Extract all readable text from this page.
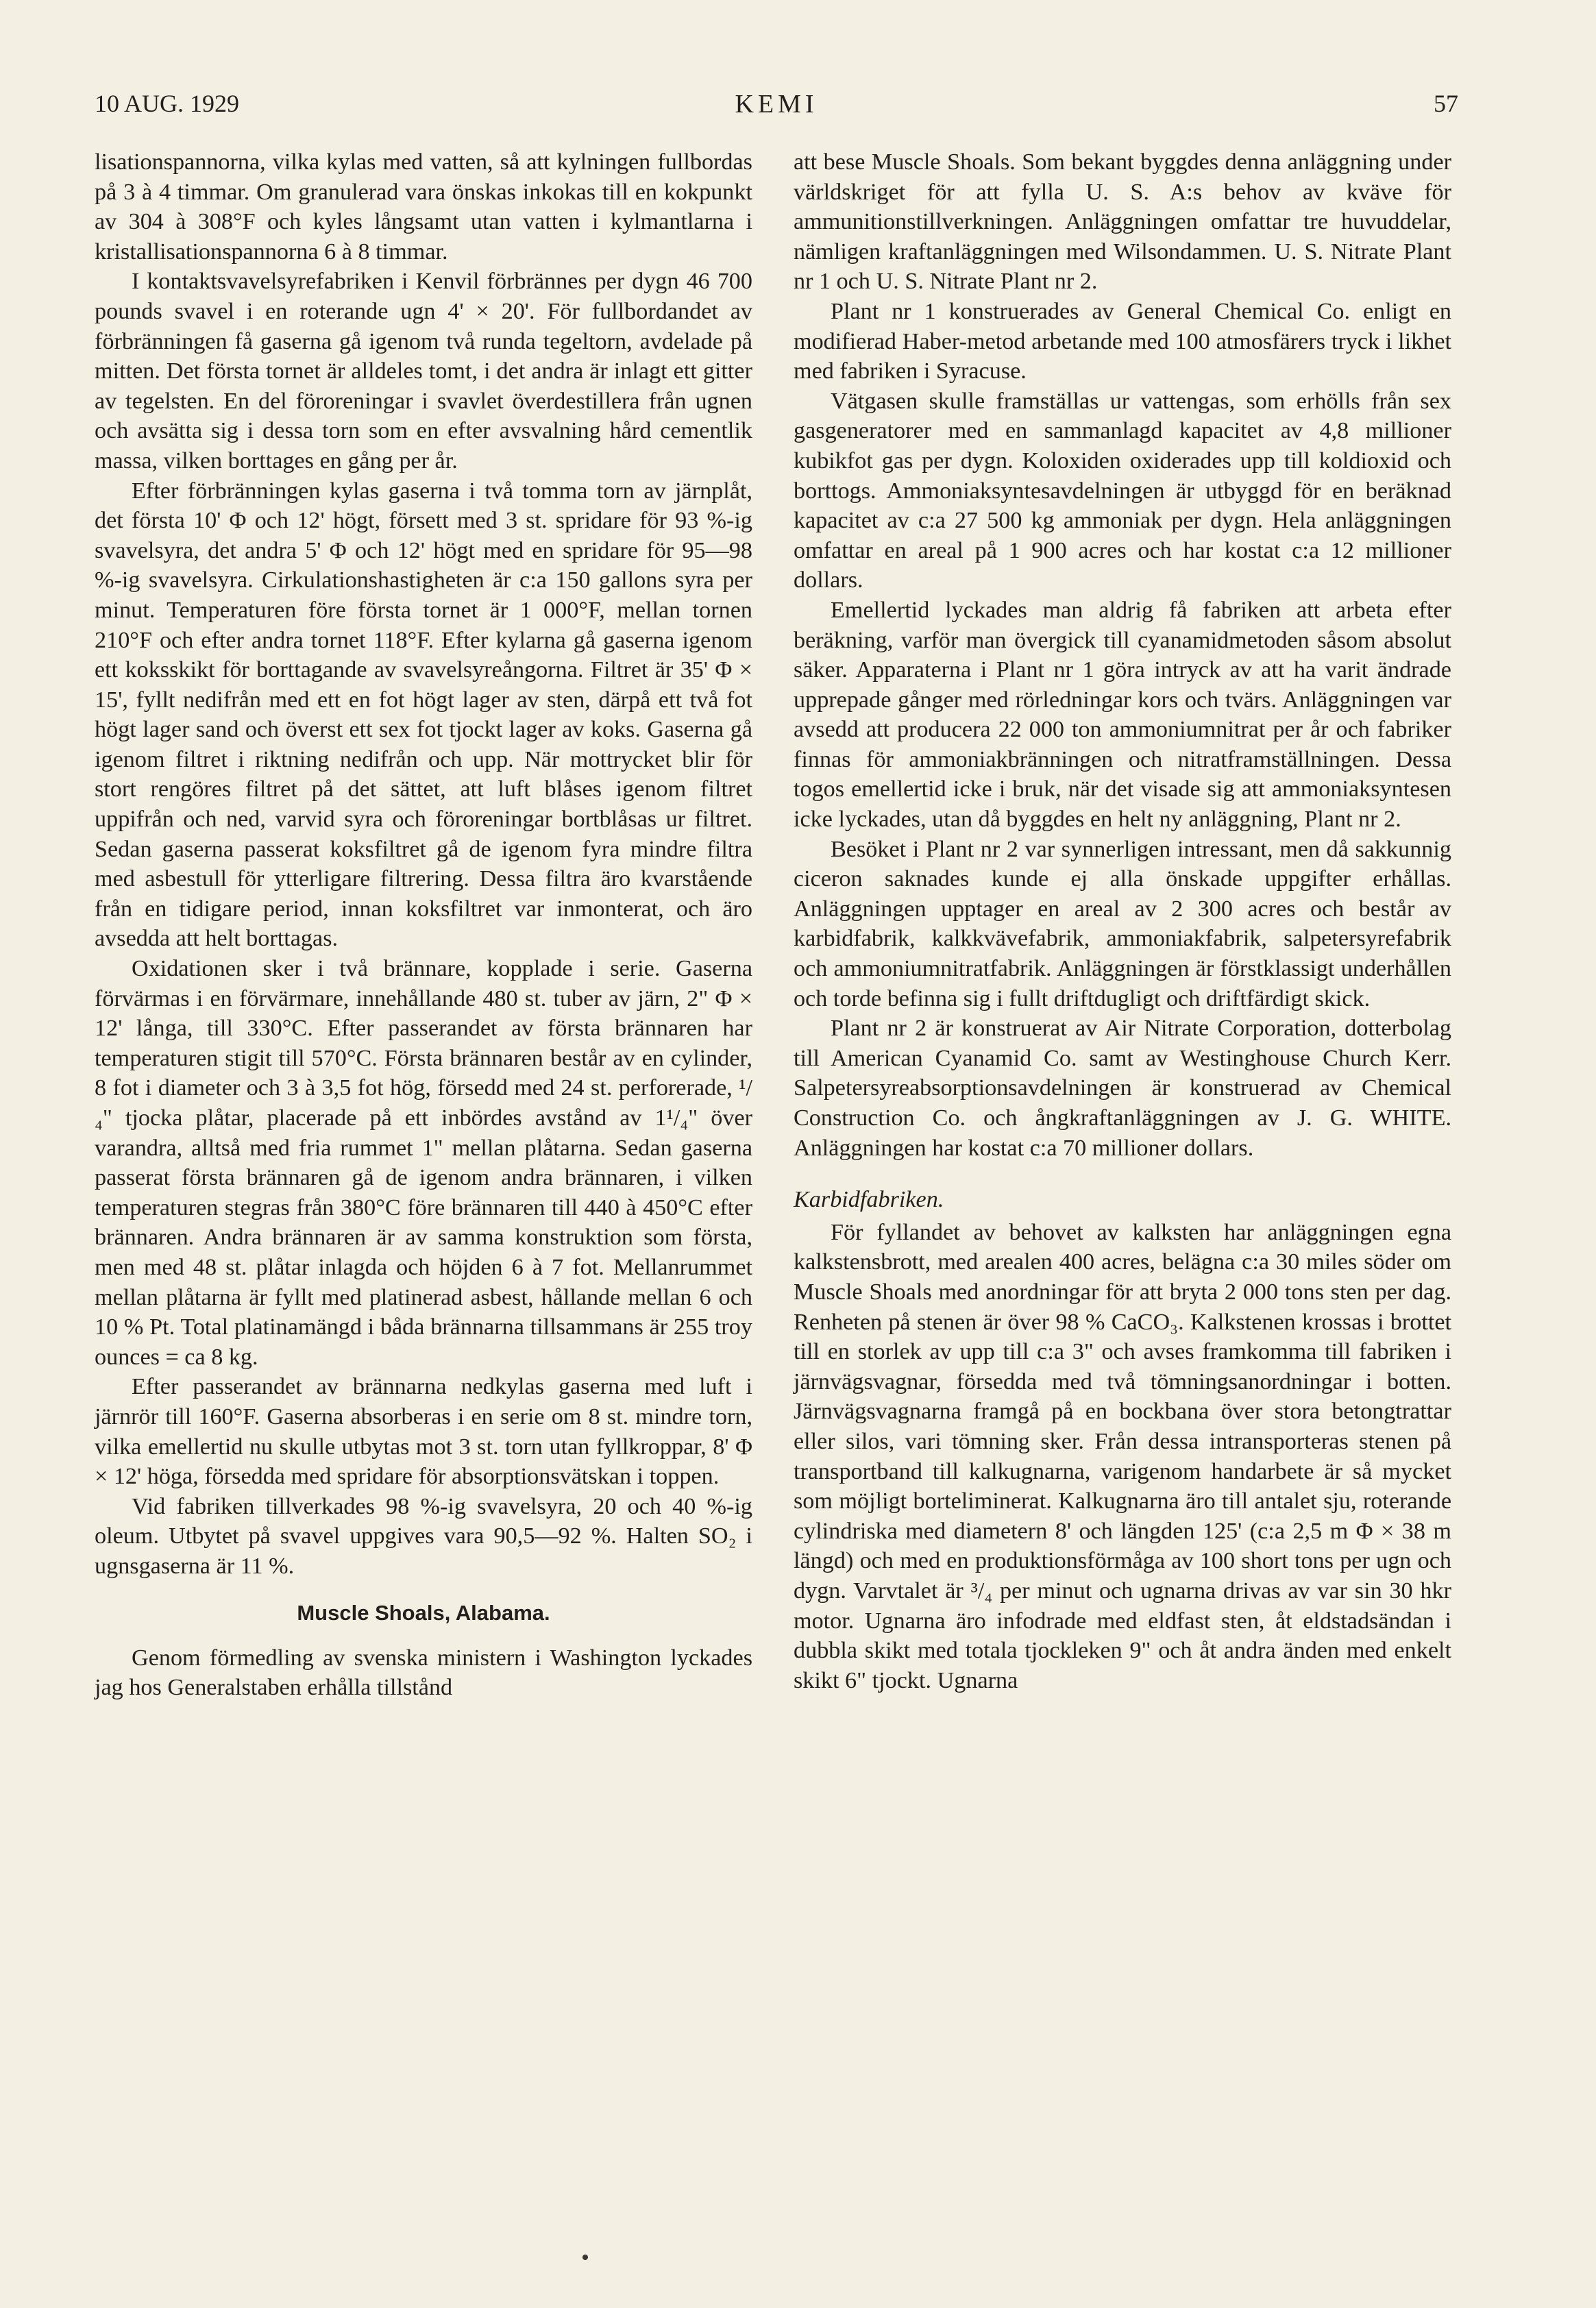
10 AUG. 1929	KEMI	57

lisationspannorna, vilka kylas med vatten, så att kylningen fullbordas på 3 à 4 timmar. Om granulerad vara önskas inkokas till en kokpunkt av 304 à 308°F och kyles långsamt utan vatten i kylmantlarna i kristallisationspannorna 6 à 8 timmar.

I kontaktsvavelsyrefabriken i Kenvil förbrännes per dygn 46 700 pounds svavel i en roterande ugn 4' × 20'. För fullbordandet av förbränningen få gaserna gå igenom två runda tegeltorn, avdelade på mitten. Det första tornet är alldeles tomt, i det andra är inlagt ett gitter av tegelsten. En del föroreningar i svavlet överdestillera från ugnen och avsätta sig i dessa torn som en efter avsvalning hård cementlik massa, vilken borttages en gång per år.

Efter förbränningen kylas gaserna i två tomma torn av järnplåt, det första 10' Φ och 12' högt, försett med 3 st. spridare för 93 %-ig svavelsyra, det andra 5' Φ och 12' högt med en spridare för 95—98 %-ig svavelsyra. Cirkulationshastigheten är c:a 150 gallons syra per minut. Temperaturen före första tornet är 1 000°F, mellan tornen 210°F och efter andra tornet 118°F. Efter kylarna gå gaserna igenom ett koksskikt för borttagande av svavelsyreångorna. Filtret är 35' Φ × 15', fyllt nedifrån med ett en fot högt lager av sten, därpå ett två fot högt lager sand och överst ett sex fot tjockt lager av koks. Gaserna gå igenom filtret i riktning nedifrån och upp. När mottrycket blir för stort rengöres filtret på det sättet, att luft blåses igenom filtret uppifrån och ned, varvid syra och föroreningar bortblåsas ur filtret. Sedan gaserna passerat koksfiltret gå de igenom fyra mindre filtra med asbestull för ytterligare filtrering. Dessa filtra äro kvarstående från en tidigare period, innan koksfiltret var inmonterat, och äro avsedda att helt borttagas.

Oxidationen sker i två brännare, kopplade i serie. Gaserna förvärmas i en förvärmare, innehållande 480 st. tuber av järn, 2" Φ × 12' långa, till 330°C. Efter passerandet av första brännaren har temperaturen stigit till 570°C. Första brännaren består av en cylinder, 8 fot i diameter och 3 à 3,5 fot hög, försedd med 24 st. perforerade, ¹/₄" tjocka plåtar, placerade på ett inbördes avstånd av 1¹/₄" över varandra, alltså med fria rummet 1" mellan plåtarna. Sedan gaserna passerat första brännaren gå de igenom andra brännaren, i vilken temperaturen stegras från 380°C före brännaren till 440 à 450°C efter brännaren. Andra brännaren är av samma konstruktion som första, men med 48 st. plåtar inlagda och höjden 6 à 7 fot. Mellanrummet mellan plåtarna är fyllt med platinerad asbest, hållande mellan 6 och 10 % Pt. Total platinamängd i båda brännarna tillsammans är 255 troy ounces = ca 8 kg.

Efter passerandet av brännarna nedkylas gaserna med luft i järnrör till 160°F. Gaserna absorberas i en serie om 8 st. mindre torn, vilka emellertid nu skulle utbytas mot 3 st. torn utan fyllkroppar, 8' Φ × 12' höga, försedda med spridare för absorptionsvätskan i toppen.

Vid fabriken tillverkades 98 %-ig svavelsyra, 20 och 40 %-ig oleum. Utbytet på svavel uppgives vara 90,5—92 %. Halten SO₂ i ugnsgaserna är 11 %.

Muscle Shoals, Alabama.

Genom förmedling av svenska ministern i Washington lyckades jag hos Generalstaben erhålla tillstånd

att bese Muscle Shoals. Som bekant byggdes denna anläggning under världskriget för att fylla U. S. A:s behov av kväve för ammunitionstillverkningen. Anläggningen omfattar tre huvuddelar, nämligen kraftanläggningen med Wilsondammen. U. S. Nitrate Plant nr 1 och U. S. Nitrate Plant nr 2.

Plant nr 1 konstruerades av General Chemical Co. enligt en modifierad Haber-metod arbetande med 100 atmosfärers tryck i likhet med fabriken i Syracuse.

Vätgasen skulle framställas ur vattengas, som erhölls från sex gasgeneratorer med en sammanlagd kapacitet av 4,8 millioner kubikfot gas per dygn. Koloxiden oxiderades upp till koldioxid och borttogs. Ammoniaksyntesavdelningen är utbyggd för en beräknad kapacitet av c:a 27 500 kg ammoniak per dygn. Hela anläggningen omfattar en areal på 1 900 acres och har kostat c:a 12 millioner dollars.

Emellertid lyckades man aldrig få fabriken att arbeta efter beräkning, varför man övergick till cyanamidmetoden såsom absolut säker. Apparaterna i Plant nr 1 göra intryck av att ha varit ändrade upprepade gånger med rörledningar kors och tvärs. Anläggningen var avsedd att producera 22 000 ton ammoniumnitrat per år och fabriker finnas för ammoniakbränningen och nitratframställningen. Dessa togos emellertid icke i bruk, när det visade sig att ammoniaksyntesen icke lyckades, utan då byggdes en helt ny anläggning, Plant nr 2.

Besöket i Plant nr 2 var synnerligen intressant, men då sakkunnig ciceron saknades kunde ej alla önskade uppgifter erhållas. Anläggningen upptager en areal av 2 300 acres och består av karbidfabrik, kalkkvävefabrik, ammoniakfabrik, salpetersyrefabrik och ammoniumnitratfabrik. Anläggningen är förstklassigt underhållen och torde befinna sig i fullt driftdugligt och driftfärdigt skick.

Plant nr 2 är konstruerat av Air Nitrate Corporation, dotterbolag till American Cyanamid Co. samt av Westinghouse Church Kerr. Salpetersyreabsorptionsavdelningen är konstruerad av Chemical Construction Co. och ångkraftanläggningen av J. G. WHITE. Anläggningen har kostat c:a 70 millioner dollars.

Karbidfabriken.

För fyllandet av behovet av kalksten har anläggningen egna kalkstensbrott, med arealen 400 acres, belägna c:a 30 miles söder om Muscle Shoals med anordningar för att bryta 2 000 tons sten per dag. Renheten på stenen är över 98 % CaCO₃. Kalkstenen krossas i brottet till en storlek av upp till c:a 3" och avses framkomma till fabriken i järnvägsvagnar, försedda med två tömningsanordningar i botten. Järnvägsvagnarna framgå på en bockbana över stora betongtrattar eller silos, vari tömning sker. Från dessa intransporteras stenen på transportband till kalkugnarna, varigenom handarbete är så mycket som möjligt borteliminerat. Kalkugnarna äro till antalet sju, roterande cylindriska med diametern 8' och längden 125' (c:a 2,5 m Φ × 38 m längd) och med en produktionsförmåga av 100 short tons per ugn och dygn. Varvtalet är ³/₄ per minut och ugnarna drivas av var sin 30 hkr motor. Ugnarna äro infodrade med eldfast sten, åt eldstadsändan i dubbla skikt med totala tjockleken 9" och åt andra änden med enkelt skikt 6" tjockt. Ugnarna
